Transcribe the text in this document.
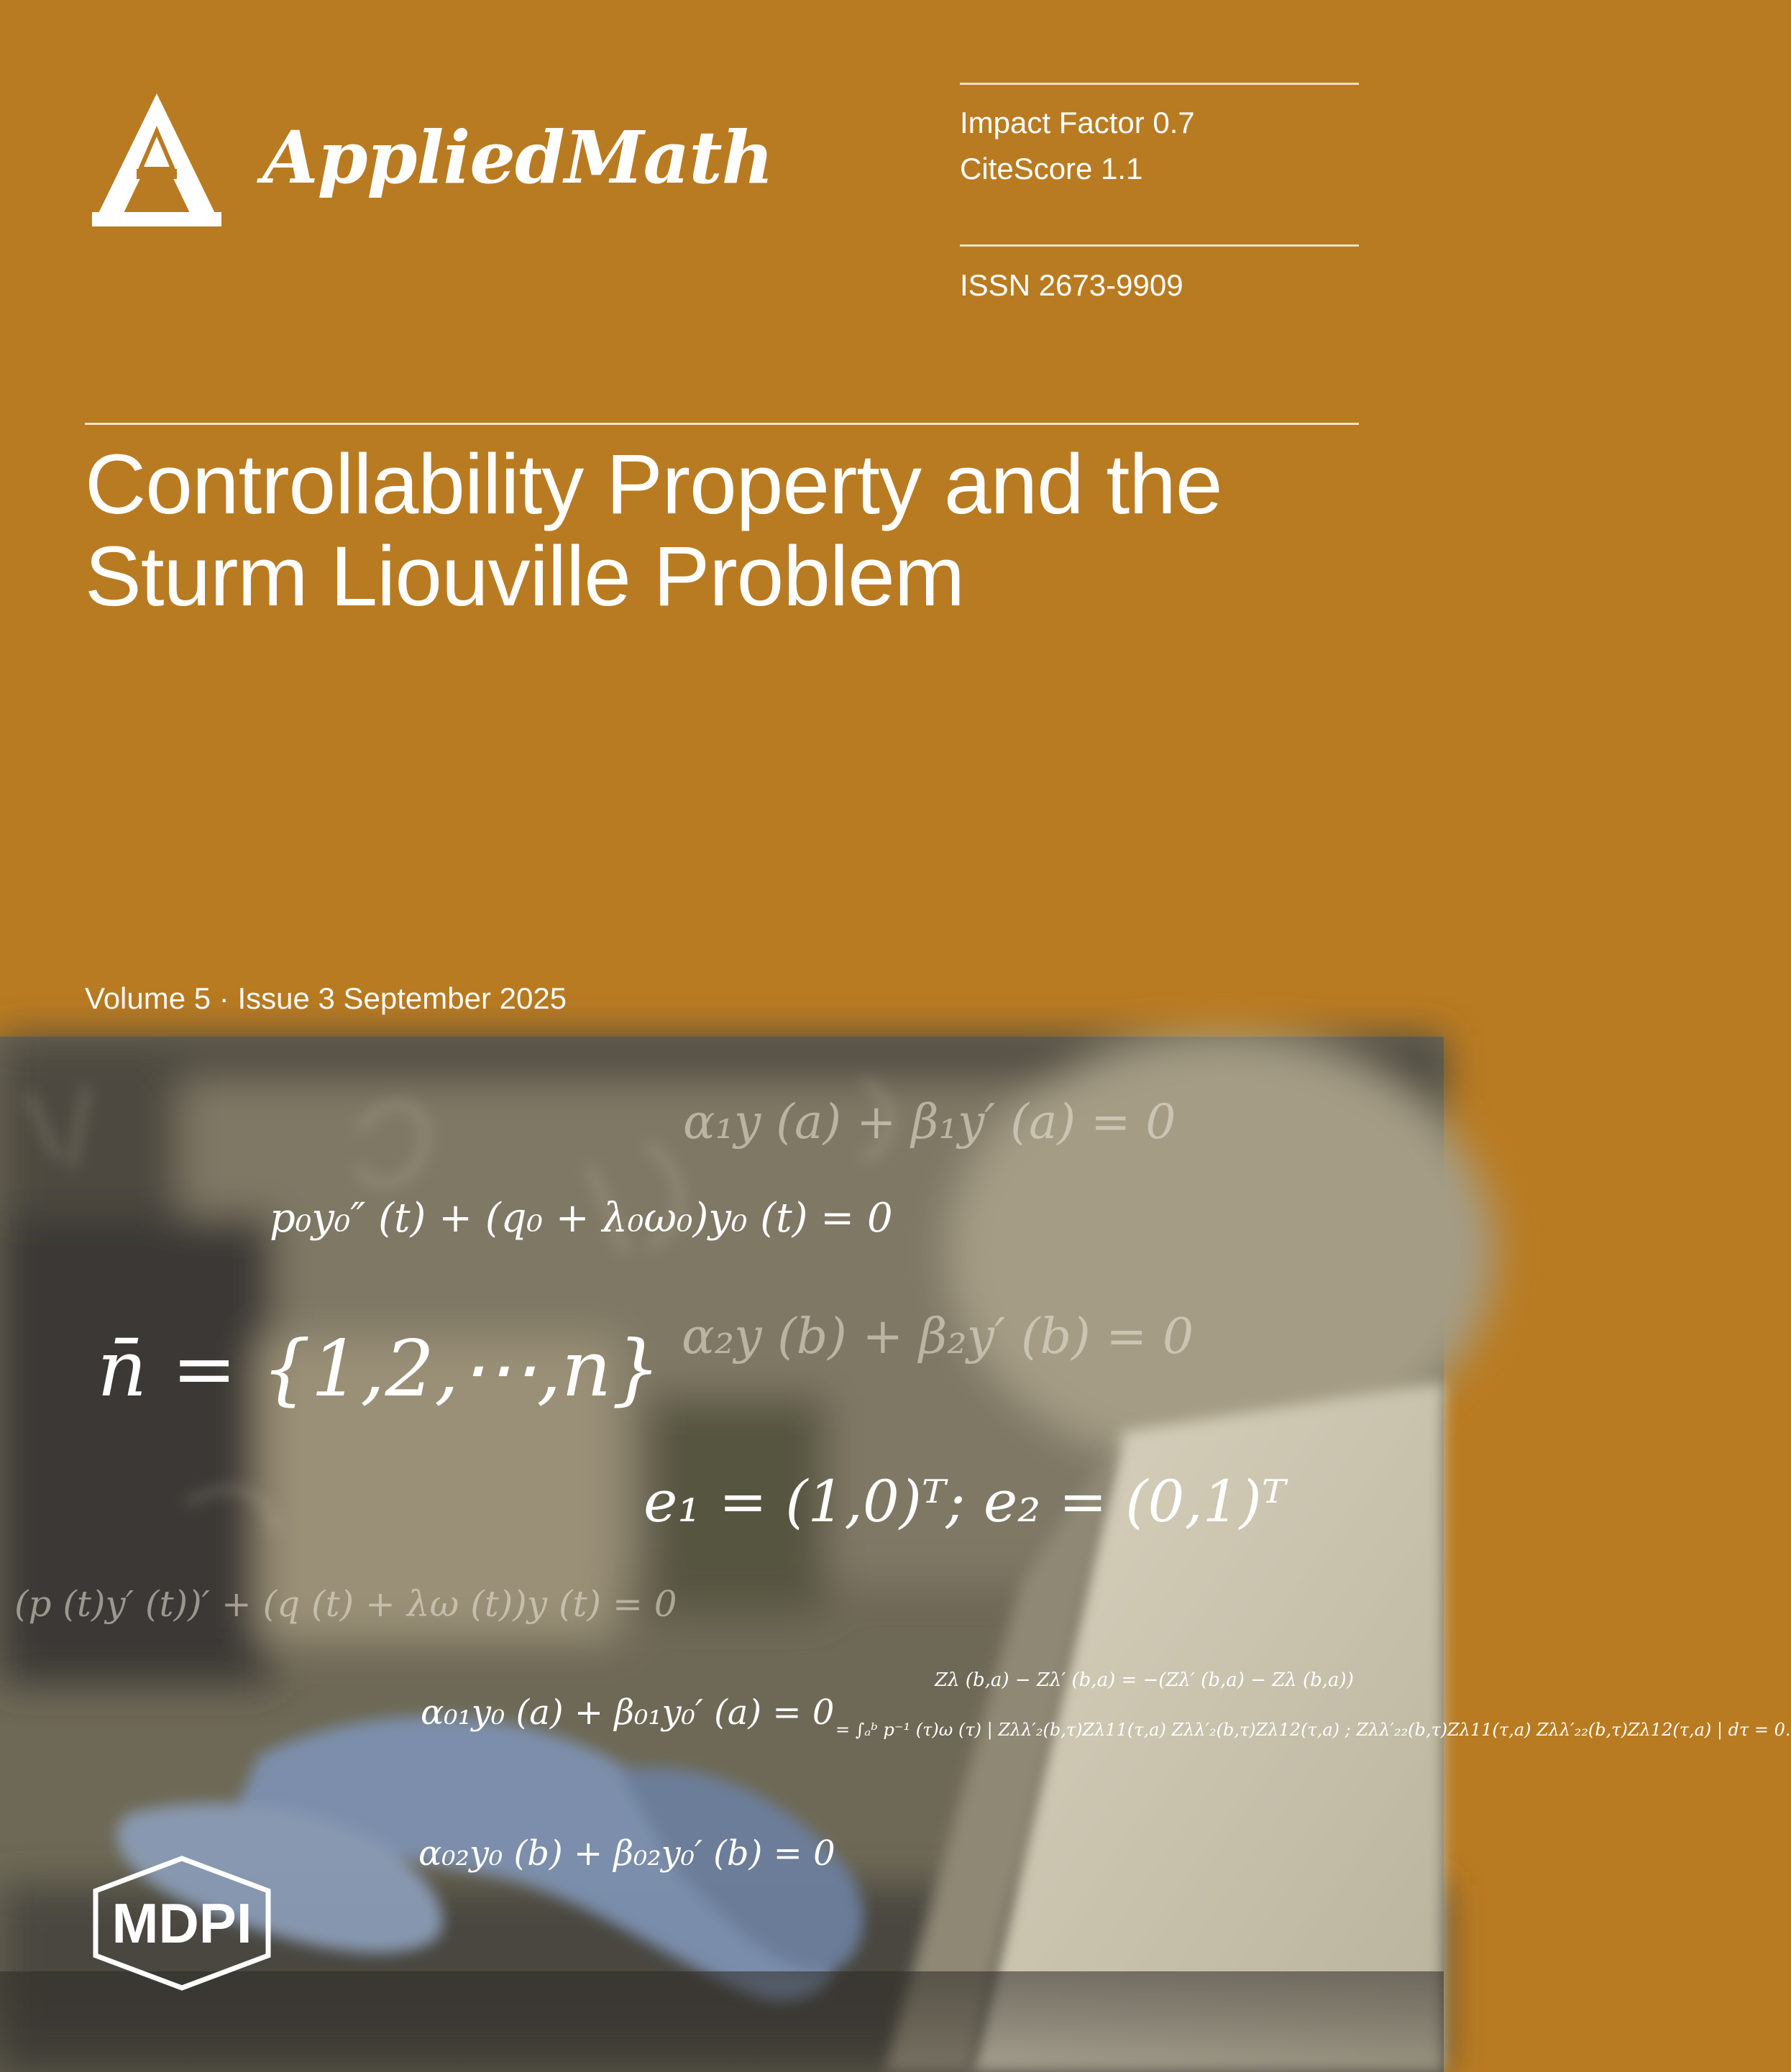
AppliedMath	Impact Factor 0.7
CiteScore 1.1
ISSN 2673-9909
Controllability Property and the
Sturm Liouville Problem
Volume 5 · Issue 3 September 2025
α₁y (a) + β₁y′ (a) = 0
p₀y₀″ (t) + (q₀ + λ₀ω₀)y₀ (t) = 0
n̄ = {1,2,⋯,n} α₂y (b) + β₂y′ (b) = 0
e₁ = (1,0)ᵀ; e₂ = (0,1)ᵀ
(p (t)y′ (t))′ + (q (t) + λω (t))y (t) = 0
Zλ (b,a) − Zλ′ (b,a) = −(Zλ′ (b,a) − Zλ (b,a))
= ∫ₐᵇ p⁻¹ (τ)ω (τ) | Zλλ′₂(b,τ)Zλ11(τ,a) Zλλ′₂(b,τ)Zλ12(τ,a) ; Zλλ′₂₂(b,τ)Zλ11(τ,a) Zλλ′₂₂(b,τ)Zλ12(τ,a) | dτ = 0.
α₀₁y₀ (a) + β₀₁y₀′ (a) = 0
α₀₂y₀ (b) + β₀₂y₀′ (b) = 0
MDPI
